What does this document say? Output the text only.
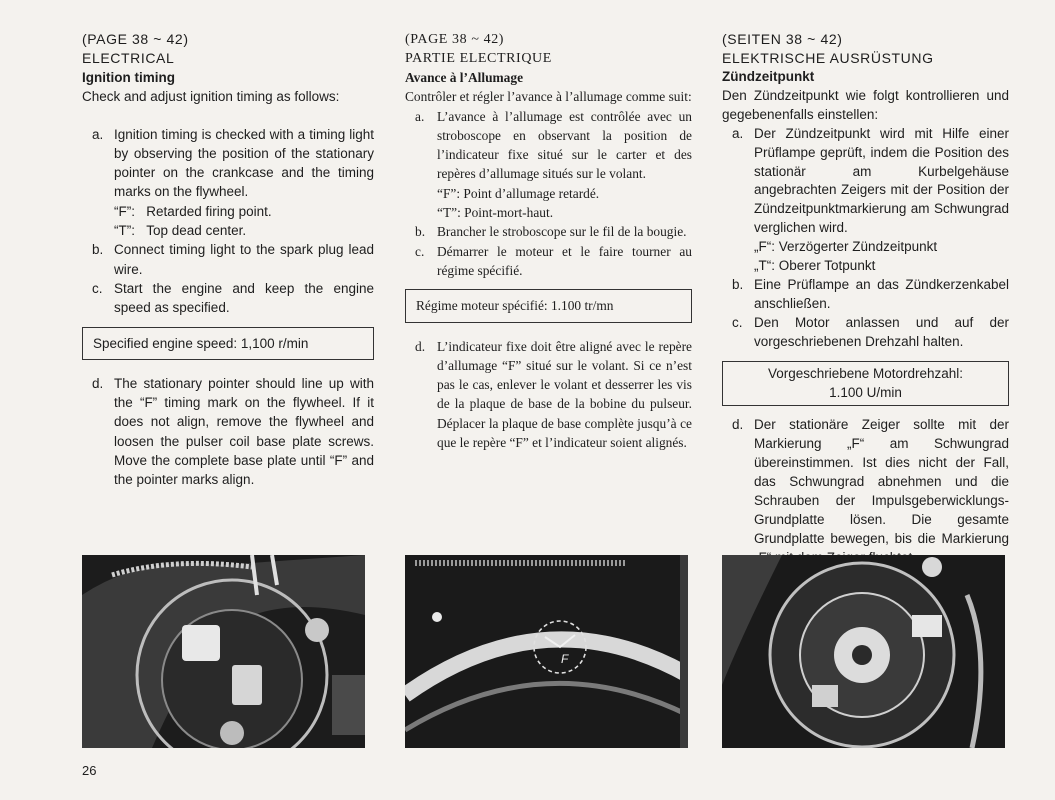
(PAGE 38 ~ 42)

ELECTRICAL

Ignition timing

Check and adjust ignition timing as follows:

a. Ignition timing is checked with a timing light by observing the position of the stationary pointer on the crankcase and the timing marks on the flywheel.
“F”: Retarded firing point.
“T”: Top dead center.
b. Connect timing light to the spark plug lead wire.
c. Start the engine and keep the engine speed as specified.
Specified engine speed: 1,100 r/min
d. The stationary pointer should line up with the “F” timing mark on the flywheel. If it does not align, remove the flywheel and loosen the pulser coil base plate screws. Move the complete base plate until “F” and the pointer marks align.

(PAGE 38 ~ 42)

PARTIE ELECTRIQUE

Avance à l’Allumage

Contrôler et régler l’avance à l’allumage comme suit:

a. L’avance à l’allumage est contrôlée avec un stroboscope en observant la position de l’indicateur fixe situé sur le carter et des repères d’allumage situés sur le volant.
“F”: Point d’allumage retardé.
“T”: Point-mort-haut.
b. Brancher le stroboscope sur le fil de la bougie.
c. Démarrer le moteur et le faire tourner au régime spécifié.
Régime moteur spécifié: 1.100 tr/mn
d. L’indicateur fixe doit être aligné avec le repère d’allumage “F” situé sur le volant. Si ce n’est pas le cas, enlever le volant et desserrer les vis de la plaque de base de la bobine du pulseur. Déplacer la plaque de base complète jusqu’à ce que le repère “F” et l’indicateur soient alignés.

(SEITEN 38 ~ 42)

ELEKTRISCHE AUSRÜSTUNG

Zündzeitpunkt

Den Zündzeitpunkt wie folgt kontrollieren und gegebenenfalls einstellen:

a. Der Zündzeitpunkt wird mit Hilfe einer Prüflampe geprüft, indem die Position des stationär am Kurbelgehäuse angebrachten Zeigers mit der Position der Zündzeitpunktmarkierung am Schwungrad verglichen wird.
„F“: Verzögerter Zündzeitpunkt
„T“: Oberer Totpunkt
b. Eine Prüflampe an das Zündkerzenkabel anschließen.
c. Den Motor anlassen und auf der vorgeschriebenen Drehzahl halten.
Vorgeschriebene Motordrehzahl:
1.100 U/min
d. Der stationäre Zeiger sollte mit der Markierung „F“ am Schwungrad übereinstimmen. Ist dies nicht der Fall, das Schwungrad abnehmen und die Schrauben der Impulsgeberwicklungs-Grundplatte lösen. Die gesamte Grundplatte bewegen, bis die Markierung
F
26
